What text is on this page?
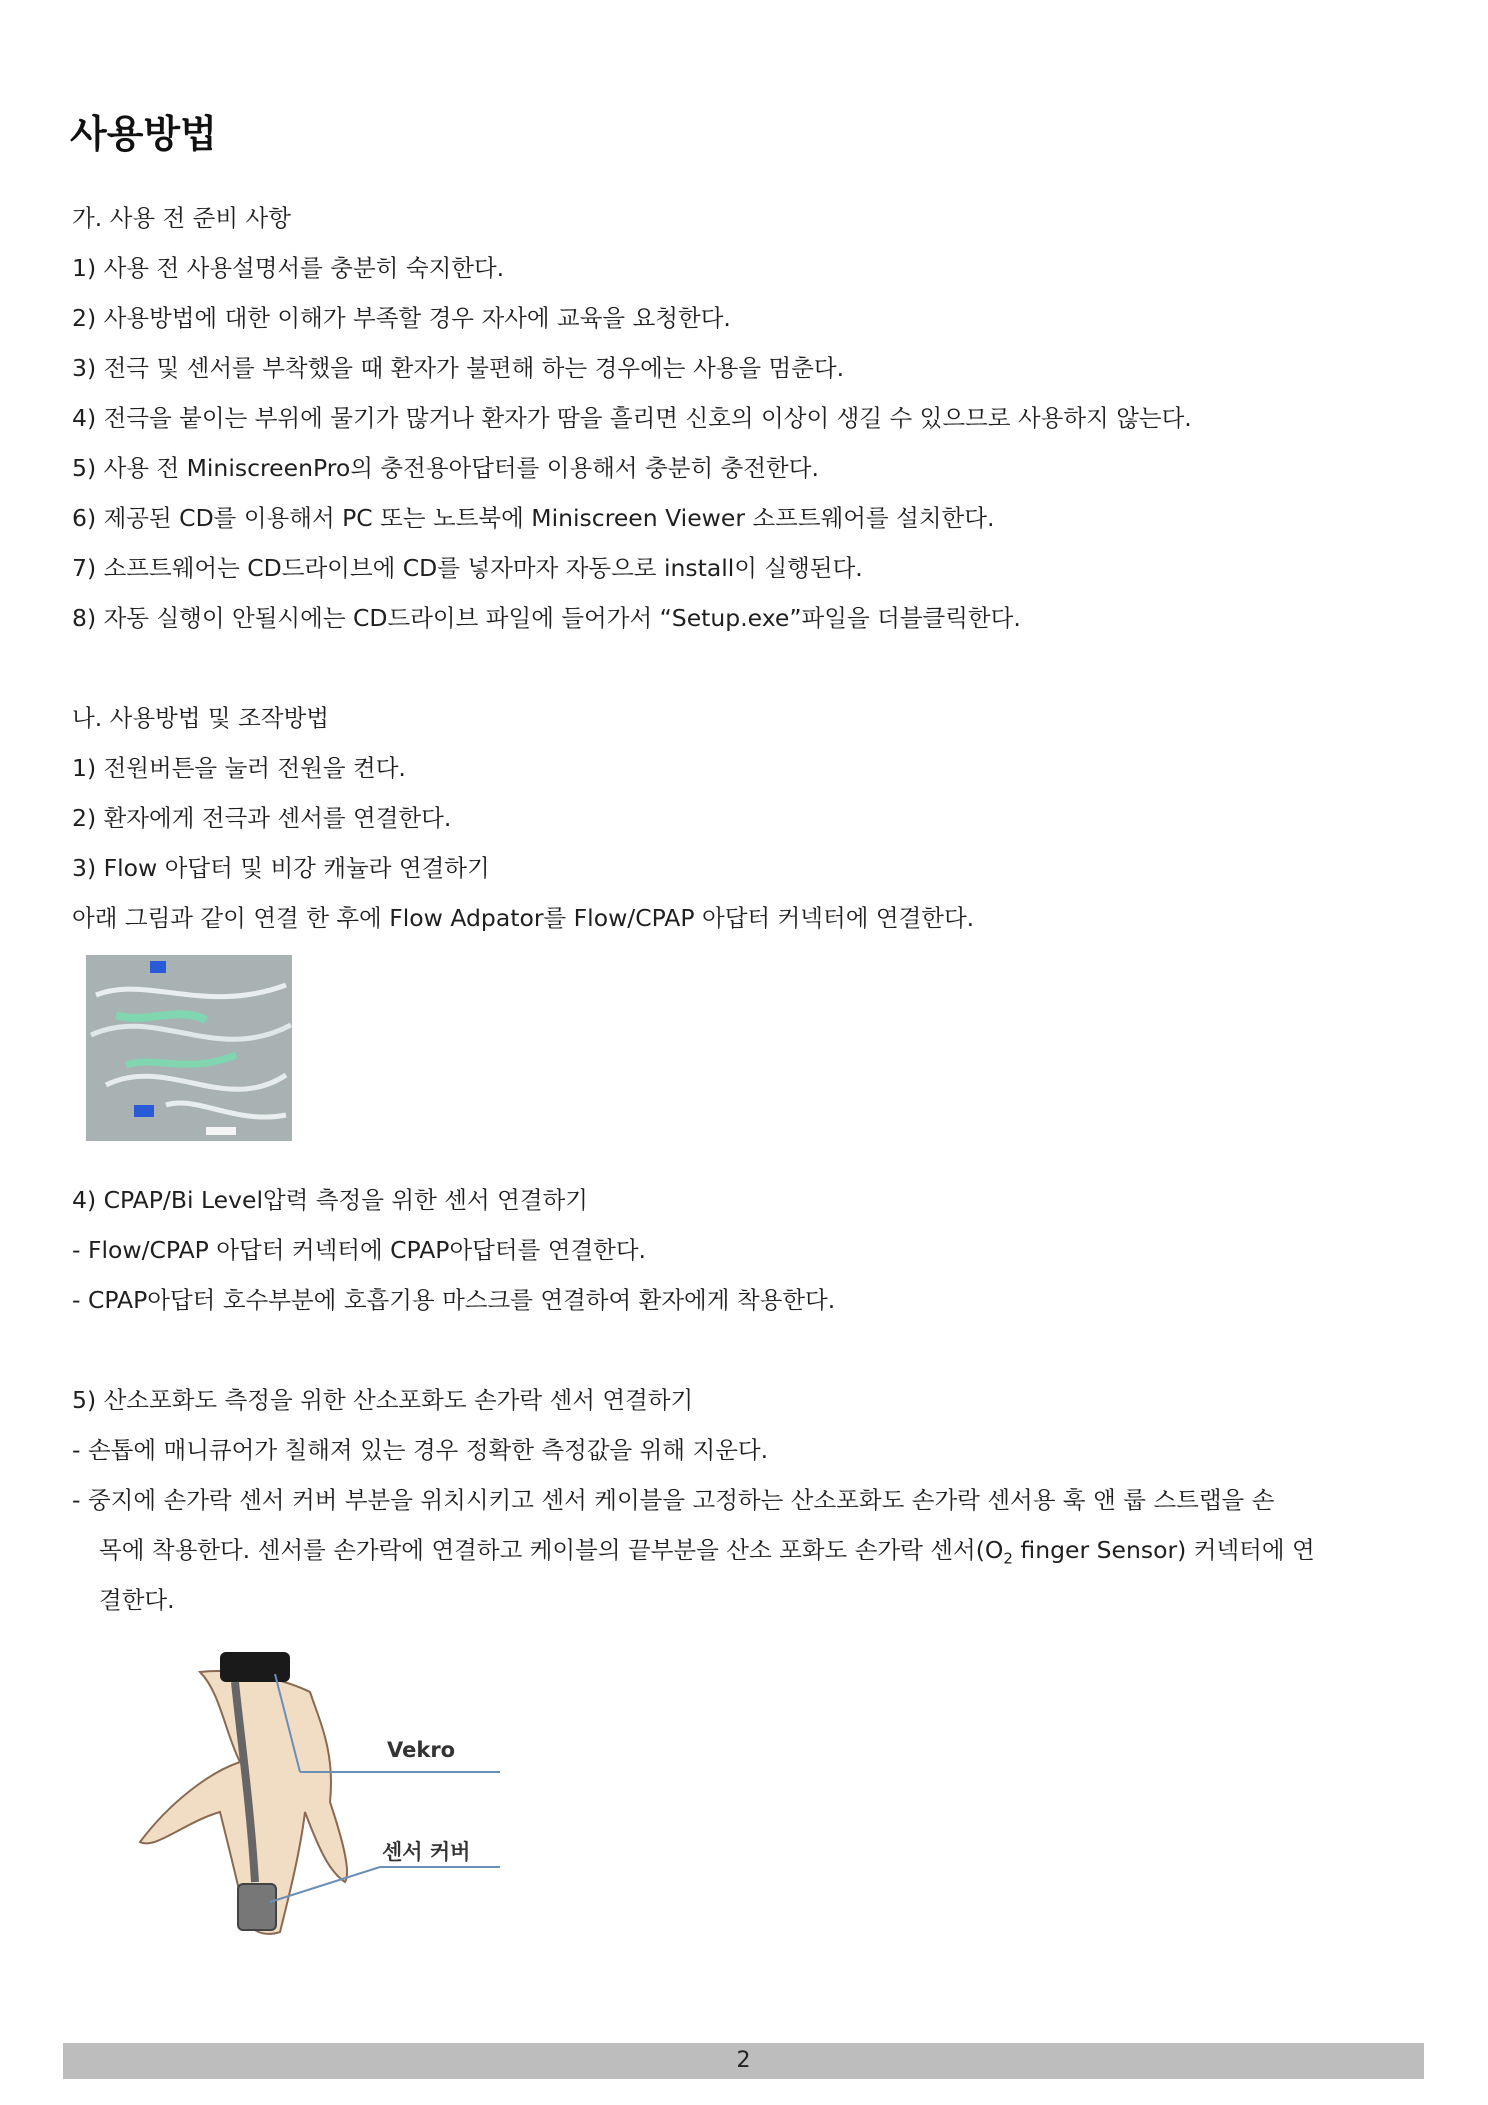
사용방법
가. 사용 전 준비 사항
1) 사용 전 사용설명서를 충분히 숙지한다.
2) 사용방법에 대한 이해가 부족할 경우 자사에 교육을 요청한다.
3) 전극 및 센서를 부착했을 때 환자가 불편해 하는 경우에는 사용을 멈춘다.
4) 전극을 붙이는 부위에 물기가 많거나 환자가 땀을 흘리면 신호의 이상이 생길 수 있으므로 사용하지 않는다.
5) 사용 전 MiniscreenPro의 충전용아답터를 이용해서 충분히 충전한다.
6) 제공된 CD를 이용해서 PC 또는 노트북에 Miniscreen Viewer 소프트웨어를 설치한다.
7) 소프트웨어는 CD드라이브에 CD를 넣자마자 자동으로 install이 실행된다.
8) 자동 실행이 안될시에는 CD드라이브 파일에 들어가서 “Setup.exe”파일을 더블클릭한다.
나. 사용방법 및 조작방법
1) 전원버튼을 눌러 전원을 켠다.
2) 환자에게 전극과 센서를 연결한다.
3) Flow 아답터 및 비강 캐뉼라 연결하기
아래 그림과 같이 연결 한 후에 Flow Adpator를 Flow/CPAP 아답터 커넥터에 연결한다.
4) CPAP/Bi Level압력 측정을 위한 센서 연결하기
- Flow/CPAP 아답터 커넥터에 CPAP아답터를 연결한다.
- CPAP아답터 호수부분에 호흡기용 마스크를 연결하여 환자에게 착용한다.
5) 산소포화도 측정을 위한 산소포화도 손가락 센서 연결하기
- 손톱에 매니큐어가 칠해져 있는 경우 정확한 측정값을 위해 지운다.
- 중지에 손가락 센서 커버 부분을 위치시키고 센서 케이블을 고정하는 산소포화도 손가락 센서용 훅 앤 룹 스트랩을 손
목에 착용한다. 센서를 손가락에 연결하고 케이블의 끝부분을 산소 포화도 손가락 센서($O_2$ finger Sensor) 커넥터에 연
결한다.
Vekro
센서 커버
2
